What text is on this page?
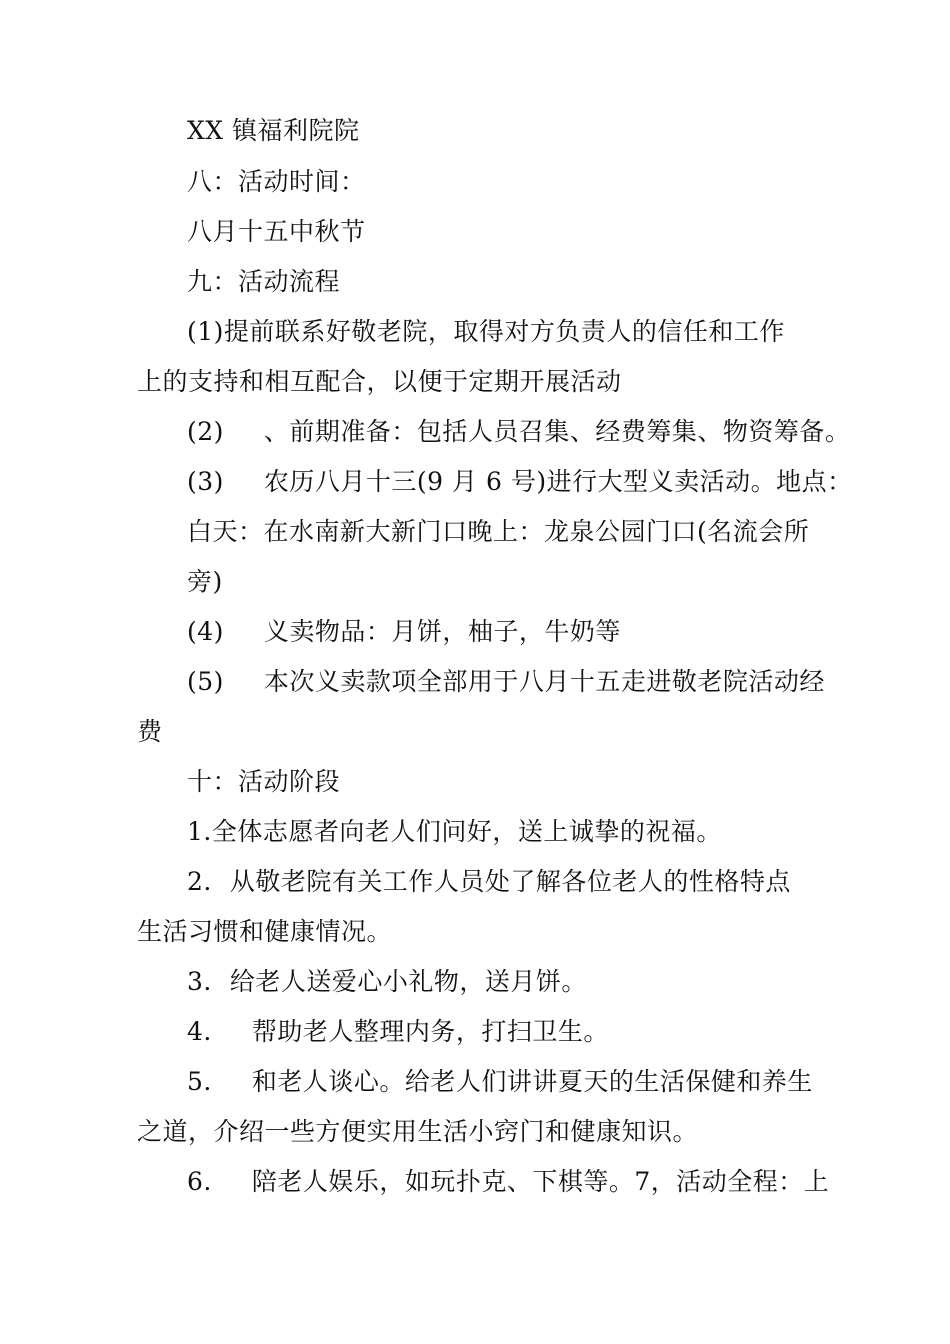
XX 镇福利院院
八：活动时间：
八月十五中秋节
九：活动流程
(1)提前联系好敬老院，取得对方负责人的信任和工作
上的支持和相互配合，以便于定期开展活动
(2) 、前期准备：包括人员召集、经费筹集、物资筹备。
(3) 农历八月十三(9 月 6 号)进行大型义卖活动。地点：
白天：在水南新大新门口晚上：龙泉公园门口(名流会所
旁)
(4) 义卖物品：月饼，柚子，牛奶等
(5) 本次义卖款项全部用于八月十五走进敬老院活动经
费
十：活动阶段
1.全体志愿者向老人们问好，送上诚挚的祝福。
2. 从敬老院有关工作人员处了解各位老人的性格特点
生活习惯和健康情况。
3. 给老人送爱心小礼物，送月饼。
4. 帮助老人整理内务，打扫卫生。
5. 和老人谈心。给老人们讲讲夏天的生活保健和养生
之道，介绍一些方便实用生活小窍门和健康知识。
6. 陪老人娱乐，如玩扑克、下棋等。7，活动全程：上
